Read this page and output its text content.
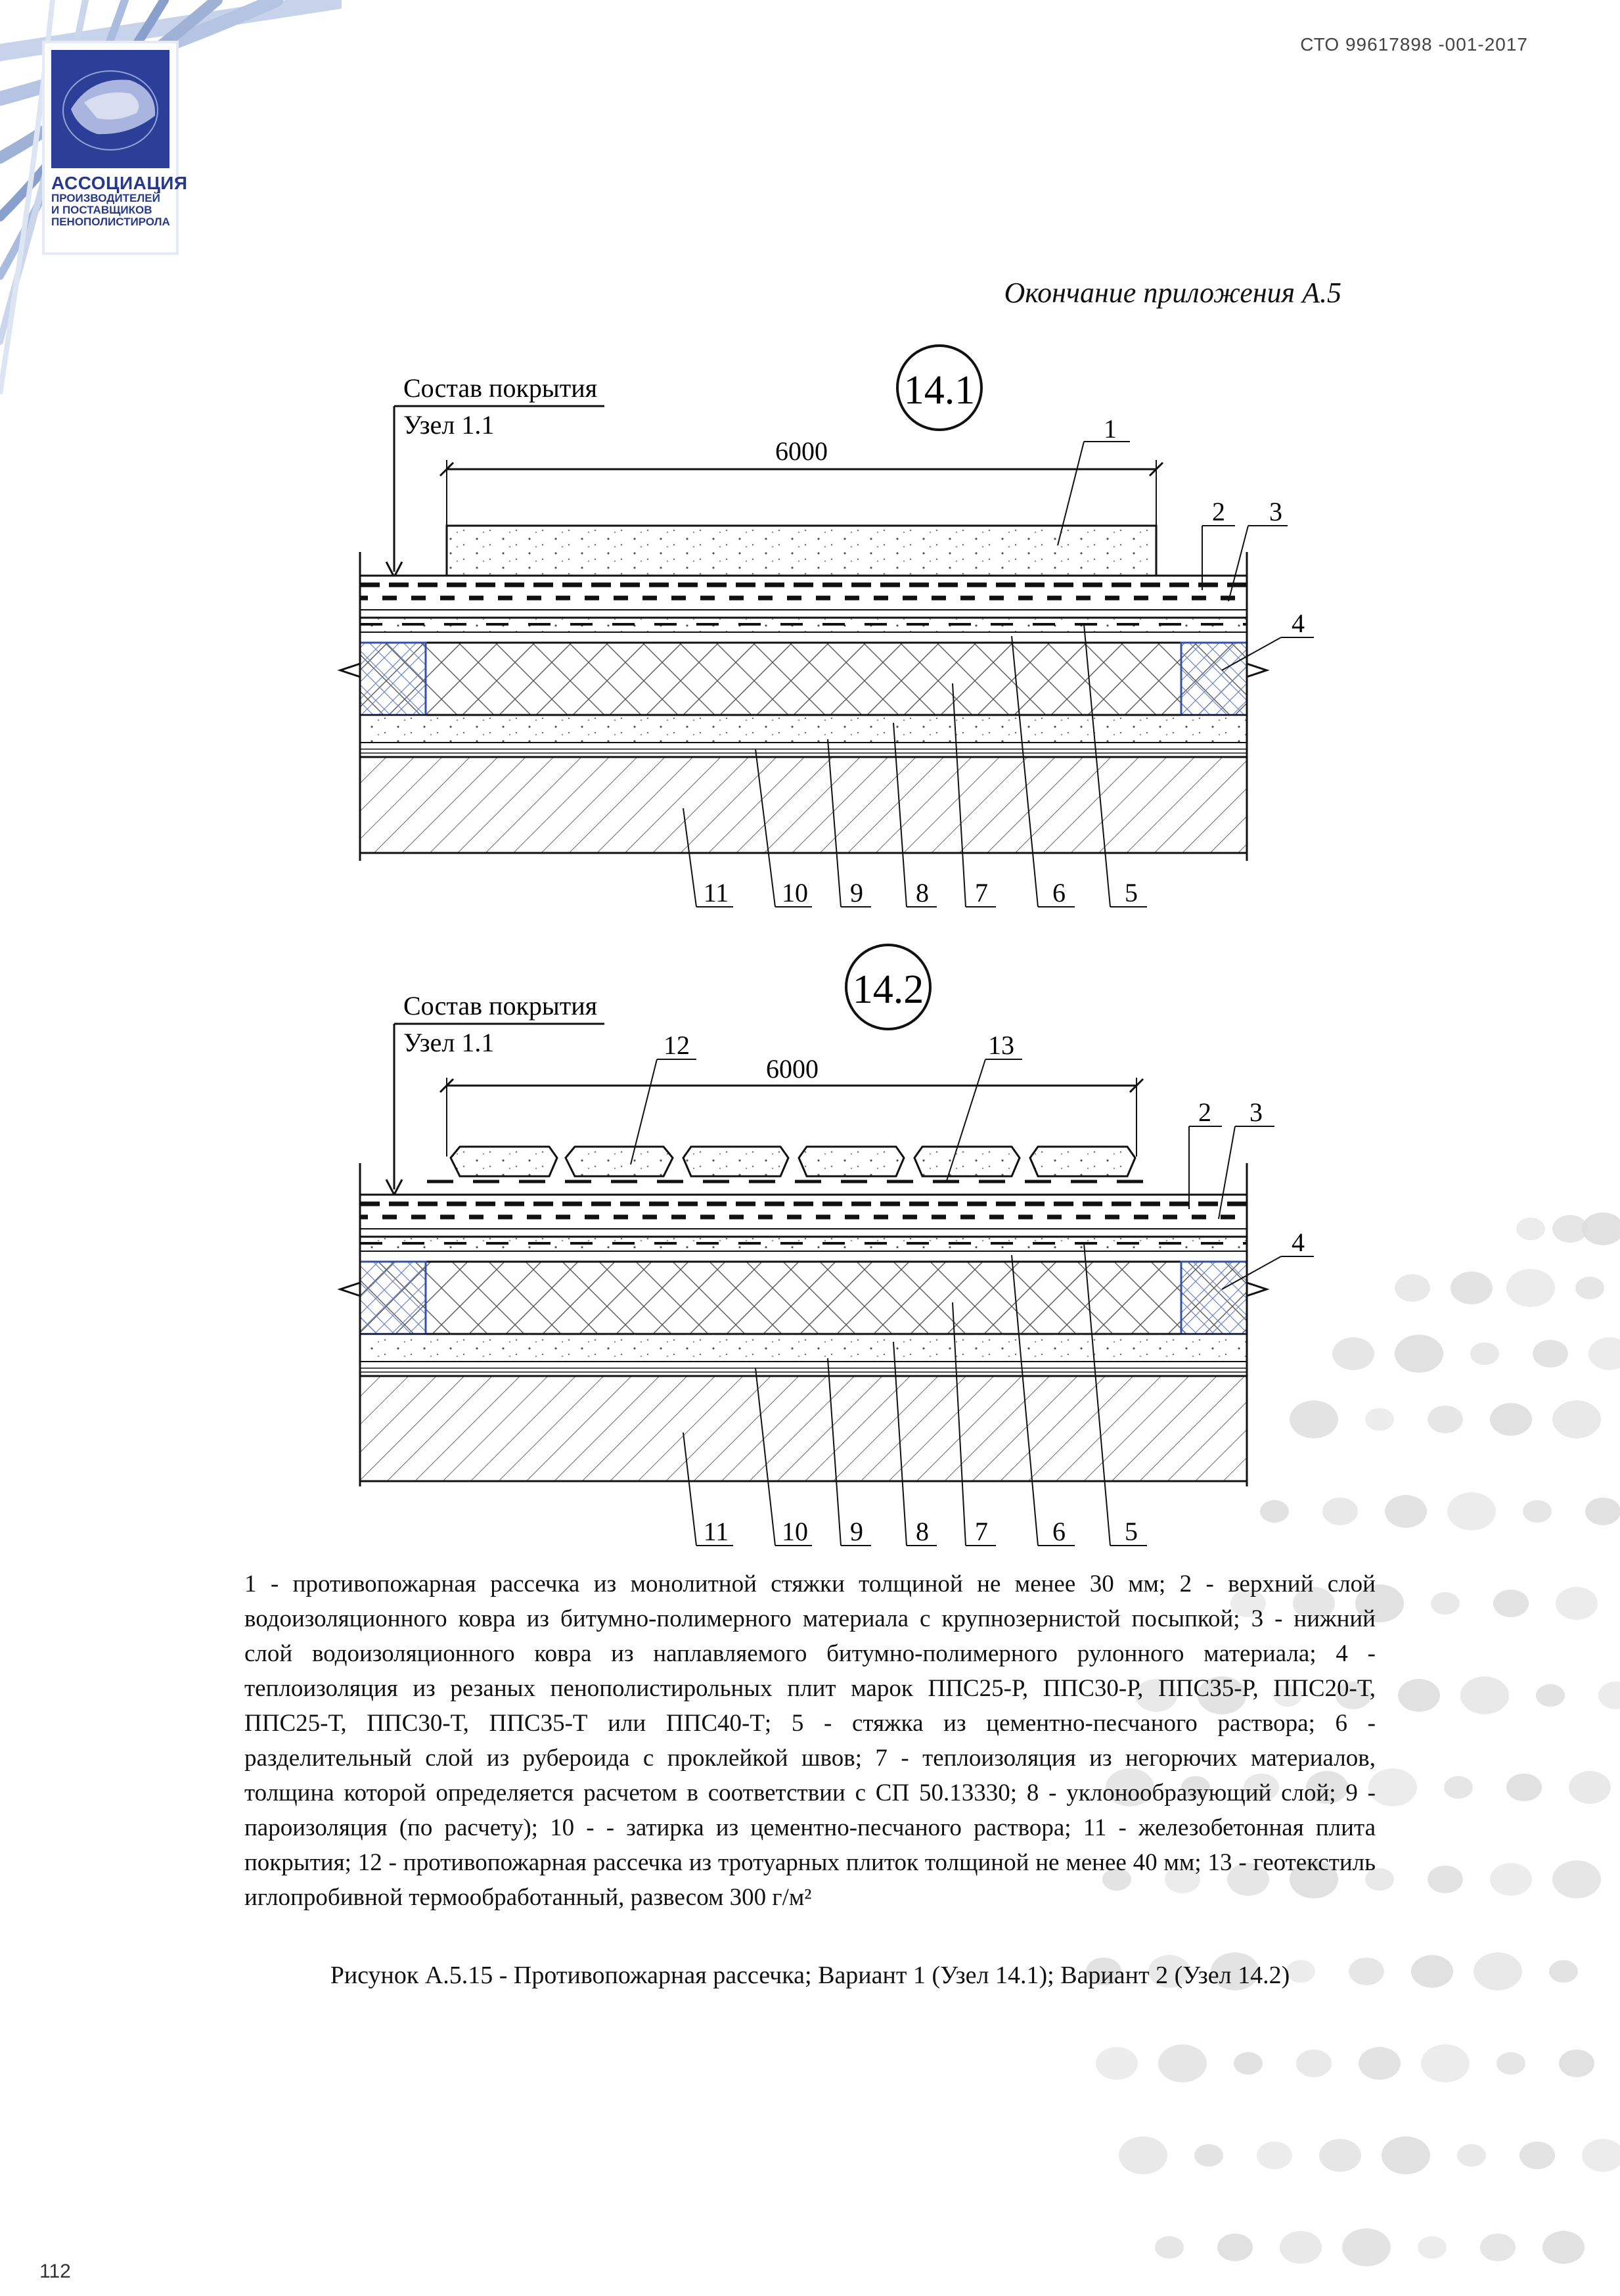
АССОЦИАЦИЯ
ПРОИЗВОДИТЕЛЕЙ
И ПОСТАВЩИКОВ
ПЕНОПОЛИСТИРОЛА
СТО 99617898 -001-2017
Окончание приложения А.5
14.1
Состав покрытия
Узел 1.1
6000
1
2 3
4
11 10 9 8 7 6 5
14.2
Состав покрытия
Узел 1.1
6000
12	13
2 3
4
11 10 9 8 7 6 5
1 - противопожарная рассечка из монолитной стяжки толщиной не менее 30 мм; 2 - верхний слой водоизоляционного ковра из битумно-полимерного материала с крупнозернистой посыпкой; 3 - нижний слой водоизоляционного ковра из наплавляемого битумно-полимерного рулонного материала; 4 - теплоизоляция из резаных пенополистирольных плит марок ППС25-Р, ППС30-Р, ППС35-Р, ППС20-Т, ППС25-Т, ППС30-Т, ППС35-Т или ППС40-Т; 5 - стяжка из цементно-песчаного раствора; 6 - разделительный слой из рубероида с проклейкой швов; 7 - теплоизоляция из негорючих материалов, толщина которой определяется расчетом в соответствии с СП 50.13330; 8 - уклонообразующий слой; 9 - пароизоляция (по расчету); 10 - - затирка из цементно-песчаного раствора; 11 - железобетонная плита покрытия; 12 - противопожарная рассечка из тротуарных плиток толщиной не менее 40 мм; 13 - геотекстиль иглопробивной термообработанный, развесом 300 г/м²
Рисунок А.5.15 - Противопожарная рассечка; Вариант 1 (Узел 14.1); Вариант 2 (Узел 14.2)
112
